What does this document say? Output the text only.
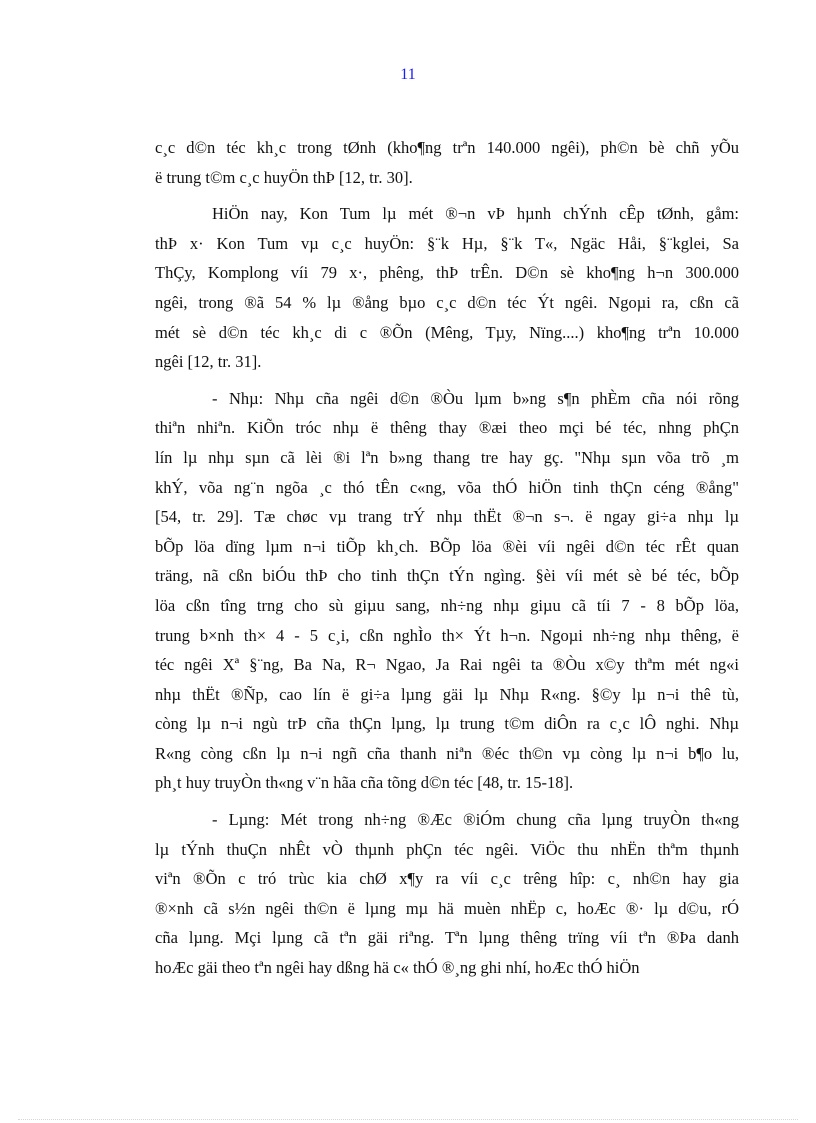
11
c¸c d©n téc kh¸c trong tØnh (kho¶ng trªn 140.000 ngêi), ph©n bè chñ yÕu
ë trung t©m c¸c huyÖn thÞ [12, tr. 30].
HiÖn nay, Kon Tum lµ mét ®¬n vÞ hµnh chÝnh cÊp tØnh, gåm:
thÞ x· Kon Tum vµ c¸c huyÖn: §¨k Hµ, §¨k T«, Ngäc Håi, §¨kglei, Sa
ThÇy, Komplong víi 79 x·, phêng, thÞ trÊn. D©n sè kho¶ng h¬n 300.000
ngêi, trong ®ã 54 % lµ ®ång bµo c¸c d©n téc Ýt ngêi. Ngoµi ra, cßn cã
mét sè d©n téc kh¸c di c ®Õn (Mêng, Tµy, Nïng....) kho¶ng trªn 10.000
ngêi [12, tr. 31].
- Nhµ: Nhµ cña ngêi d©n ®Òu lµm b»ng s¶n phÈm cña nói rõng
thiªn nhiªn. KiÕn tróc nhµ ë thêng thay ®æi theo mçi bé téc, nhng phÇn
lín lµ nhµ sµn cã lèi ®i lªn b»ng thang tre hay gç. "Nhµ sµn võa trõ ¸m
khÝ, võa ng¨n ngõa ¸c thó tÊn c«ng, võa thÓ hiÖn tinh thÇn céng ®ång"
[54, tr. 29]. Tæ chøc vµ trang trÝ nhµ thËt ®¬n s¬. ë ngay gi÷a nhµ lµ
bÕp löa dïng lµm n¬i tiÕp kh¸ch. BÕp löa ®èi víi ngêi d©n téc rÊt quan
träng, nã cßn biÓu thÞ cho tinh thÇn tÝn ngìng. §èi víi mét sè bé téc, bÕp
löa cßn tîng trng cho sù giµu sang, nh÷ng nhµ giµu cã tíi 7 - 8 bÕp löa,
trung b×nh th× 4 - 5 c¸i, cßn nghÌo th× Ýt h¬n. Ngoµi nh÷ng nhµ thêng, ë
téc ngêi Xª §¨ng, Ba Na, R¬ Ngao, Ja Rai ngêi ta ®Òu x©y thªm mét ng«i
nhµ thËt ®Ñp, cao lín ë gi÷a lµng gäi lµ Nhµ R«ng. §©y lµ n¬i thê tù,
còng lµ n¬i ngù trÞ cña thÇn lµng, lµ trung t©m diÔn ra c¸c lÔ nghi. Nhµ
R«ng còng cßn lµ n¬i ngñ cña thanh niªn ®éc th©n vµ còng lµ n¬i b¶o lu,
ph¸t huy truyÒn th«ng v¨n hãa cña tõng d©n téc [48, tr. 15-18].
- Lµng: Mét trong nh÷ng ®Æc ®iÓm chung cña lµng truyÒn th«ng
lµ tÝnh thuÇn nhÊt vÒ thµnh phÇn téc ngêi. ViÖc thu nhËn thªm thµnh
viªn ®Õn c tró trùc kia chØ x¶y ra víi c¸c trêng hîp: c¸ nh©n hay gia
®×nh cã s½n ngêi th©n ë lµng mµ hä muèn nhËp c, hoÆc ®· lµ d©u, rÓ
cña lµng. Mçi lµng cã tªn gäi riªng. Tªn lµng thêng trïng víi tªn ®Þa danh
hoÆc gäi theo tªn ngêi hay dßng hä c« thÓ ®¸ng ghi nhí, hoÆc thÓ hiÖn
